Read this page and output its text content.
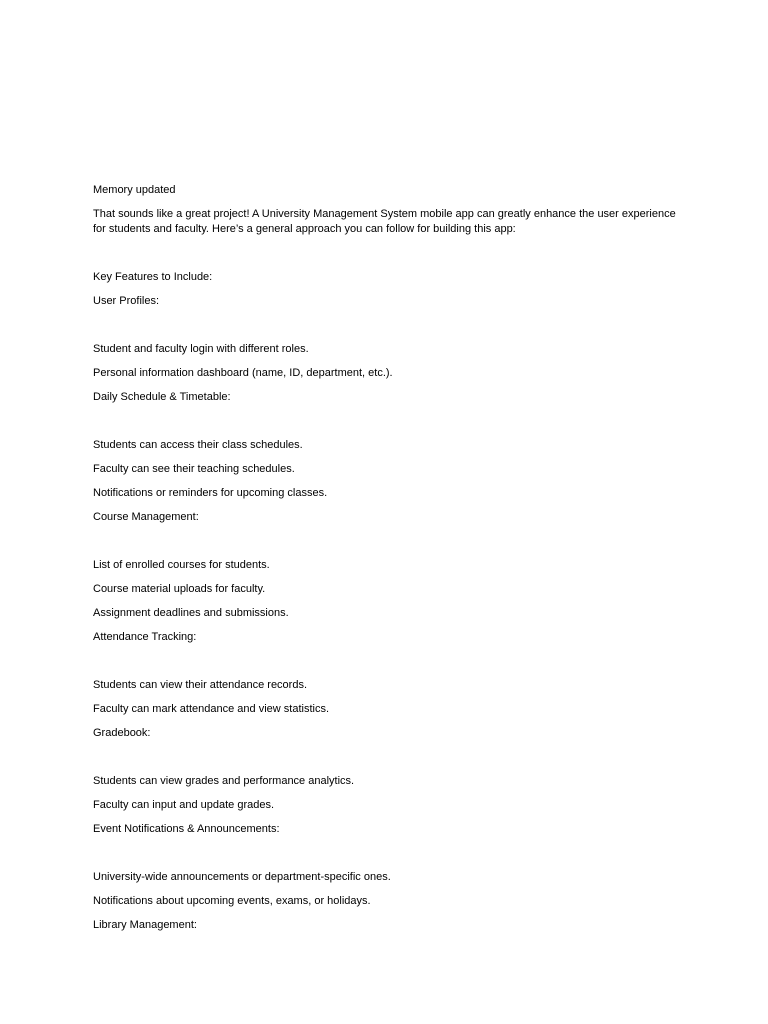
Memory updated

That sounds like a great project! A University Management System mobile app can greatly enhance the user experience for students and faculty. Here’s a general approach you can follow for building this app:

Key Features to Include:

User Profiles:

Student and faculty login with different roles.

Personal information dashboard (name, ID, department, etc.).

Daily Schedule & Timetable:

Students can access their class schedules.

Faculty can see their teaching schedules.

Notifications or reminders for upcoming classes.

Course Management:

List of enrolled courses for students.

Course material uploads for faculty.

Assignment deadlines and submissions.

Attendance Tracking:

Students can view their attendance records.

Faculty can mark attendance and view statistics.

Gradebook:

Students can view grades and performance analytics.

Faculty can input and update grades.

Event Notifications & Announcements:

University-wide announcements or department-specific ones.

Notifications about upcoming events, exams, or holidays.

Library Management:
